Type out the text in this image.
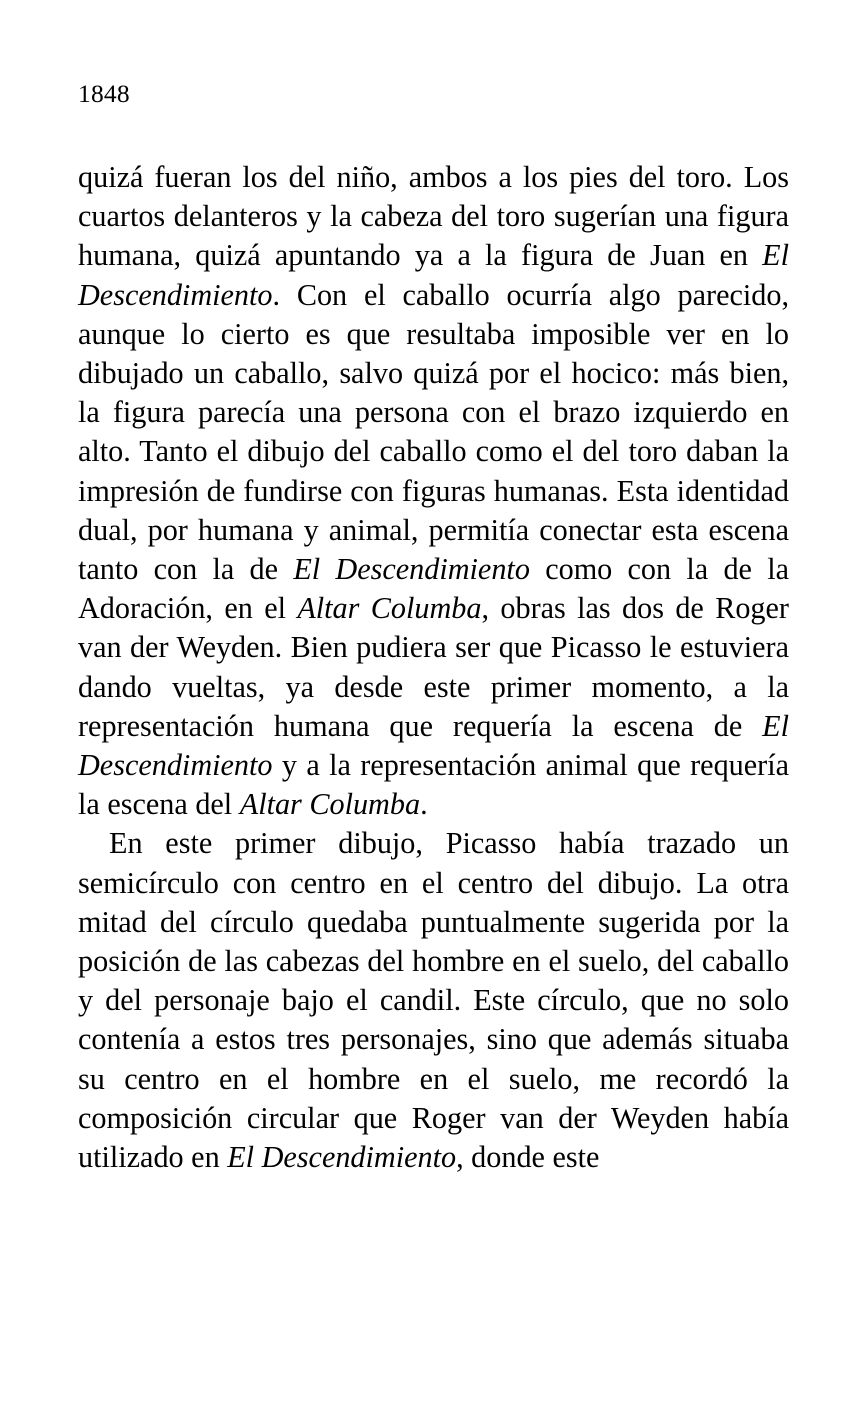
1848

quizá fueran los del niño, ambos a los pies del toro. Los cuartos delanteros y la cabeza del toro sugerían una figura humana, quizá apuntando ya a la figura de Juan en El Descendimiento. Con el caballo ocurría algo parecido, aunque lo cierto es que resultaba imposible ver en lo dibujado un caballo, salvo quizá por el hocico: más bien, la figura parecía una persona con el brazo izquierdo en alto. Tanto el dibujo del caballo como el del toro daban la impresión de fundirse con figuras humanas. Esta identidad dual, por humana y animal, permitía conectar esta escena tanto con la de El Descendimiento como con la de la Adoración, en el Altar Columba, obras las dos de Roger van der Weyden. Bien pudiera ser que Picasso le estuviera dando vueltas, ya desde este primer momento, a la representación humana que requería la escena de El Descendimiento y a la representación animal que requería la escena del Altar Columba.

En este primer dibujo, Picasso había trazado un semicírculo con centro en el centro del dibujo. La otra mitad del círculo quedaba puntualmente sugerida por la posición de las cabezas del hombre en el suelo, del caballo y del personaje bajo el candil. Este círculo, que no solo contenía a estos tres personajes, sino que además situaba su centro en el hombre en el suelo, me recordó la composición circular que Roger van der Weyden había utilizado en El Descendimiento, donde este
